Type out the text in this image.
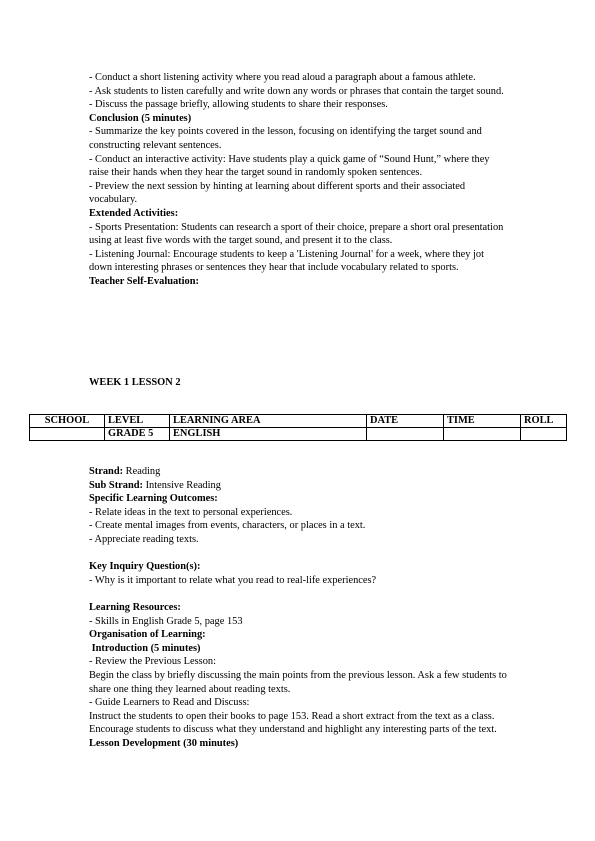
- Conduct a short listening activity where you read aloud a paragraph about a famous athlete.

- Ask students to listen carefully and write down any words or phrases that contain the target sound.

- Discuss the passage briefly, allowing students to share their responses.

Conclusion (5 minutes)

- Summarize the key points covered in the lesson, focusing on identifying the target sound and constructing relevant sentences.

- Conduct an interactive activity: Have students play a quick game of “Sound Hunt,” where they raise their hands when they hear the target sound in randomly spoken sentences.

- Preview the next session by hinting at learning about different sports and their associated vocabulary.

Extended Activities:

- Sports Presentation: Students can research a sport of their choice, prepare a short oral presentation using at least five words with the target sound, and present it to the class.

- Listening Journal: Encourage students to keep a 'Listening Journal' for a week, where they jot down interesting phrases or sentences they hear that include vocabulary related to sports.

Teacher Self-Evaluation:

WEEK 1 LESSON 2
SCHOOL	LEVEL	LEARNING AREA	DATE	TIME	ROLL
	GRADE 5	ENGLISH			

Strand: Reading

Sub Strand: Intensive Reading

Specific Learning Outcomes:

- Relate ideas in the text to personal experiences.

- Create mental images from events, characters, or places in a text.

- Appreciate reading texts.

Key Inquiry Question(s):

- Why is it important to relate what you read to real-life experiences?

Learning Resources:

- Skills in English Grade 5, page 153

Organisation of Learning:

Introduction (5 minutes)

- Review the Previous Lesson:

Begin the class by briefly discussing the main points from the previous lesson. Ask a few students to share one thing they learned about reading texts.

- Guide Learners to Read and Discuss:

Instruct the students to open their books to page 153. Read a short extract from the text as a class. Encourage students to discuss what they understand and highlight any interesting parts of the text.

Lesson Development (30 minutes)
